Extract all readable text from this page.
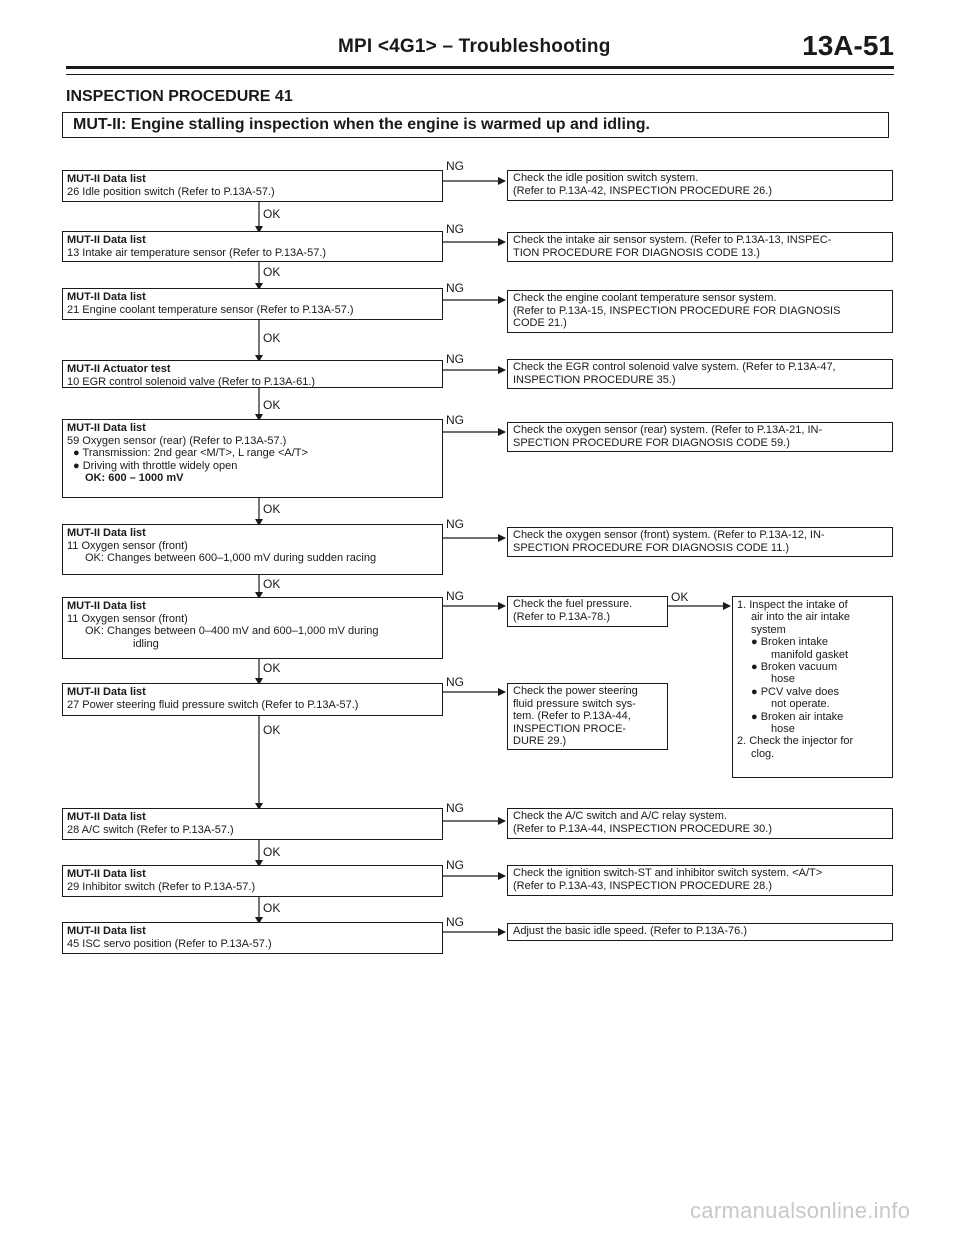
MPI <4G1> – Troubleshooting	13A-51
INSPECTION PROCEDURE 41
MUT-II: Engine stalling inspection when the engine is warmed up and idling.
MUT-II Data list
26 Idle position switch (Refer to P.13A-57.)
MUT-II Data list
13 Intake air temperature sensor (Refer to P.13A-57.)
MUT-II Data list
21 Engine coolant temperature sensor (Refer to P.13A-57.)
MUT-II Actuator test
10 EGR control solenoid valve (Refer to P.13A-61.)
MUT-II Data list
59 Oxygen sensor (rear) (Refer to P.13A-57.)
● Transmission: 2nd gear <M/T>, L range <A/T>
● Driving with throttle widely open
OK: 600 – 1000 mV
MUT-II Data list
11 Oxygen sensor (front)
OK: Changes between 600–1,000 mV during sudden racing
MUT-II Data list
11 Oxygen sensor (front)
OK: Changes between 0–400 mV and 600–1,000 mV during
idling
MUT-II Data list
27 Power steering fluid pressure switch (Refer to P.13A-57.)
MUT-II Data list
28 A/C switch (Refer to P.13A-57.)
MUT-II Data list
29 Inhibitor switch (Refer to P.13A-57.)
MUT-II Data list
45 ISC servo position (Refer to P.13A-57.)
Check the idle position switch system.
(Refer to P.13A-42, INSPECTION PROCEDURE 26.)
Check the intake air sensor system. (Refer to P.13A-13, INSPEC-
TION PROCEDURE FOR DIAGNOSIS CODE 13.)
Check the engine coolant temperature sensor system.
(Refer to P.13A-15, INSPECTION PROCEDURE FOR DIAGNOSIS
CODE 21.)
Check the EGR control solenoid valve system. (Refer to P.13A-47,
INSPECTION PROCEDURE 35.)
Check the oxygen sensor (rear) system. (Refer to P.13A-21, IN-
SPECTION PROCEDURE FOR DIAGNOSIS CODE 59.)
Check the oxygen sensor (front) system. (Refer to P.13A-12, IN-
SPECTION PROCEDURE FOR DIAGNOSIS CODE 11.)
Check the fuel pressure.
(Refer to P.13A-78.)
Check the power steering
fluid pressure switch sys-
tem. (Refer to P.13A-44,
INSPECTION PROCE-
DURE 29.)
Check the A/C switch and A/C relay system.
(Refer to P.13A-44, INSPECTION PROCEDURE 30.)
Check the ignition switch-ST and inhibitor switch system. <A/T>
(Refer to P.13A-43, INSPECTION PROCEDURE 28.)
Adjust the basic idle speed. (Refer to P.13A-76.)
1. Inspect the intake of
air into the air intake
system
● Broken intake
manifold gasket
● Broken vacuum
hose
● PCV valve does
not operate.
● Broken air intake
hose
2. Check the injector for
clog.
NG
NG
NG
NG
NG
NG
NG
NG
NG
NG
NG
OK
OK
OK
OK
OK
OK
OK
OK
OK
OK
OK
carmanualsonline.info
